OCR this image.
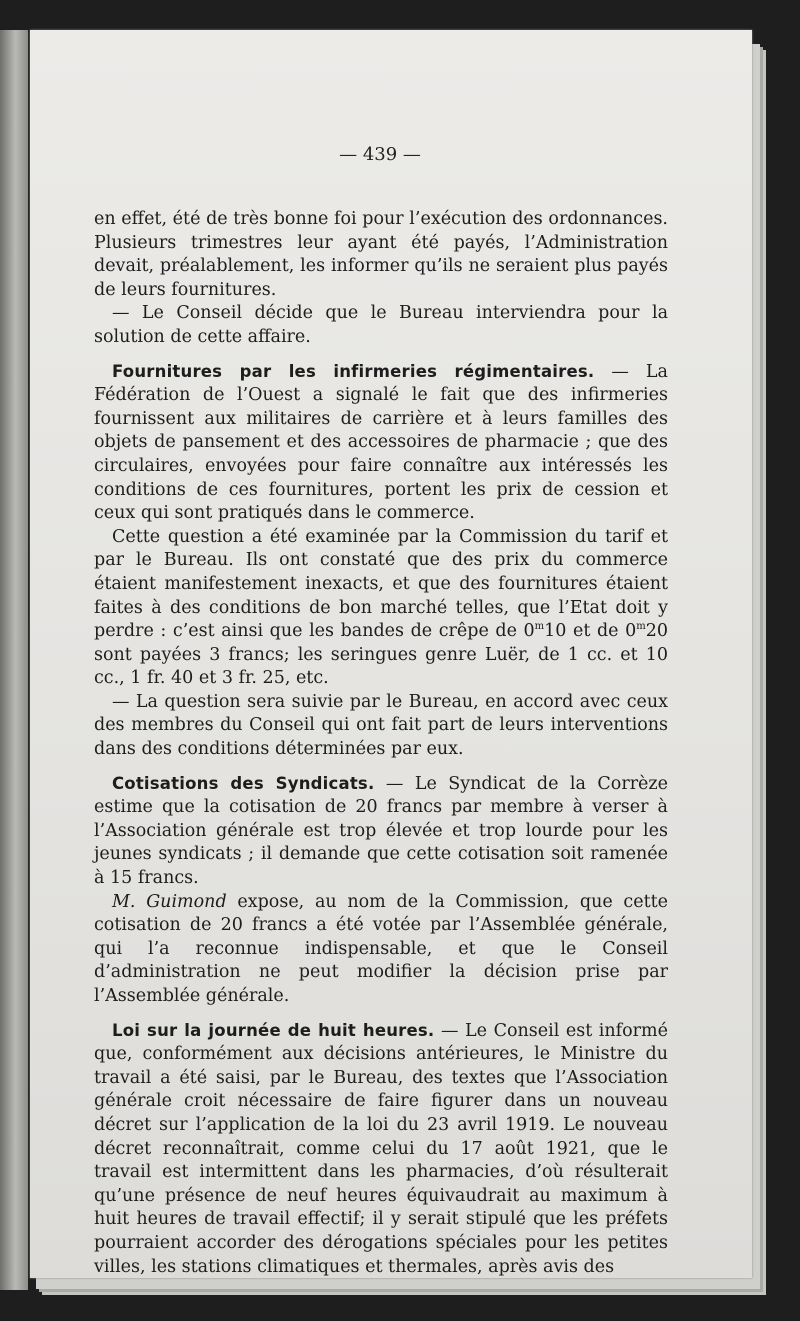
— 439 —

en effet, été de très bonne foi pour l’exécution des ordonnances. Plusieurs trimestres leur ayant été payés, l’Administration devait, préalablement, les informer qu’ils ne seraient plus payés de leurs fournitures.

— Le Conseil décide que le Bureau interviendra pour la solution de cette affaire.

Fournitures par les infirmeries régimentaires. — La Fédération de l’Ouest a signalé le fait que des infirmeries fournissent aux militaires de carrière et à leurs familles des objets de pansement et des accessoires de pharmacie ; que des circulaires, envoyées pour faire connaître aux intéressés les conditions de ces fournitures, portent les prix de cession et ceux qui sont pratiqués dans le commerce.

Cette question a été examinée par la Commission du tarif et par le Bureau. Ils ont constaté que des prix du commerce étaient manifestement inexacts, et que des fournitures étaient faites à des conditions de bon marché telles, que l’Etat doit y perdre : c’est ainsi que les bandes de crêpe de 0$^m$10 et de 0$^m$20 sont payées 3 francs; les seringues genre Luër, de 1 cc. et 10 cc., 1 fr. 40 et 3 fr. 25, etc.

— La question sera suivie par le Bureau, en accord avec ceux des membres du Conseil qui ont fait part de leurs interventions dans des conditions déterminées par eux.

Cotisations des Syndicats. — Le Syndicat de la Corrèze estime que la cotisation de 20 francs par membre à verser à l’Association générale est trop élevée et trop lourde pour les jeunes syndicats ; il demande que cette cotisation soit ramenée à 15 francs.

M. Guimond expose, au nom de la Commission, que cette cotisation de 20 francs a été votée par l’Assemblée générale, qui l’a reconnue indispensable, et que le Conseil d’administration ne peut modifier la décision prise par l’Assemblée générale.

Loi sur la journée de huit heures. — Le Conseil est informé que, conformément aux décisions antérieures, le Ministre du travail a été saisi, par le Bureau, des textes que l’Association générale croit nécessaire de faire figurer dans un nouveau décret sur l’application de la loi du 23 avril 1919. Le nouveau décret reconnaîtrait, comme celui du 17 août 1921, que le travail est intermittent dans les pharmacies, d’où résulterait qu’une présence de neuf heures équivaudrait au maximum à huit heures de travail effectif; il y serait stipulé que les préfets pourraient accorder des dérogations spéciales pour les petites villes, les stations climatiques et thermales, après avis des
